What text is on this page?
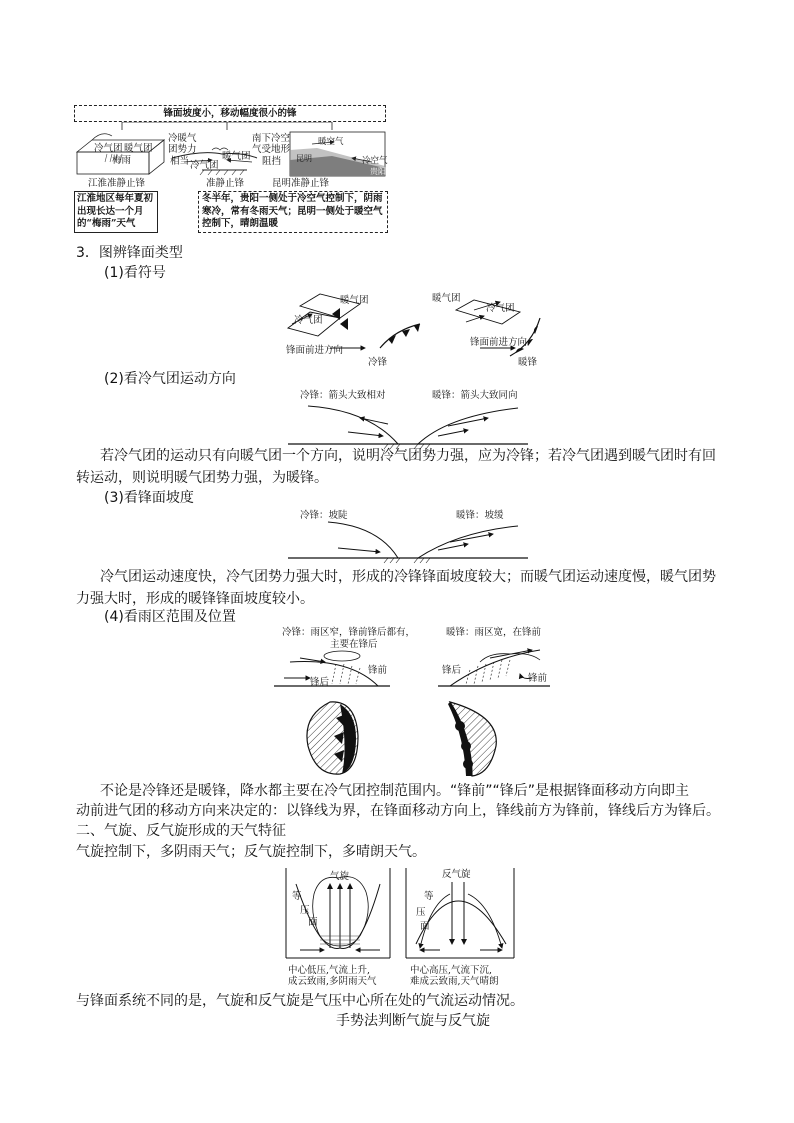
锋面坡度小，移动幅度很小的锋
冷气团 暖气团
梅雨
冷暖气
团势力
相当 冷气团
暖气团
南下冷空
气受地形
阻挡
暖空气
冷空气
贵阳
昆明
江淮准静止锋	准静止锋	昆明准静止锋
江淮地区每年夏初出现长达一个月的“梅雨”天气
冬半年，贵阳一侧处于冷空气控制下，阴雨寒冷，常有冬雨天气；昆明一侧处于暖空气控制下，晴朗温暖
3．图辨锋面类型
(1)看符号
暖气团
冷气团
锋面前进方向
冷锋
暖气团
冷气团
锋面前进方向
暖锋
(2)看冷气团运动方向
冷锋：箭头大致相对	暖锋：箭头大致同向
若冷气团的运动只有向暖气团一个方向，说明冷气团势力强，应为冷锋；若冷气团遇到暖气团时有回
转运动，则说明暖气团势力强，为暖锋。
(3)看锋面坡度
冷锋：坡陡	暖锋：坡缓
冷气团运动速度快，冷气团势力强大时，形成的冷锋锋面坡度较大；而暖气团运动速度慢，暖气团势
力强大时，形成的暖锋锋面坡度较小。
(4)看雨区范围及位置
冷锋：雨区窄，锋前锋后都有，
主要在锋后
暖锋：雨区宽，在锋前
锋前
锋后
锋后
锋前
不论是冷锋还是暖锋，降水都主要在冷气团控制范围内。“锋前”“锋后”是根据锋面移动方向即主
动前进气团的移动方向来决定的：以锋线为界，在锋面移动方向上，锋线前方为锋前，锋线后方为锋后。
二、气旋、反气旋形成的天气特征
气旋控制下，多阴雨天气；反气旋控制下，多晴朗天气。
气旋	反气旋
等
压
面
等
压
面
中心低压,气流上升,
成云致雨,多阴雨天气
中心高压,气流下沉,
难成云致雨,天气晴朗
与锋面系统不同的是，气旋和反气旋是气压中心所在处的气流运动情况。
手势法判断气旋与反气旋
